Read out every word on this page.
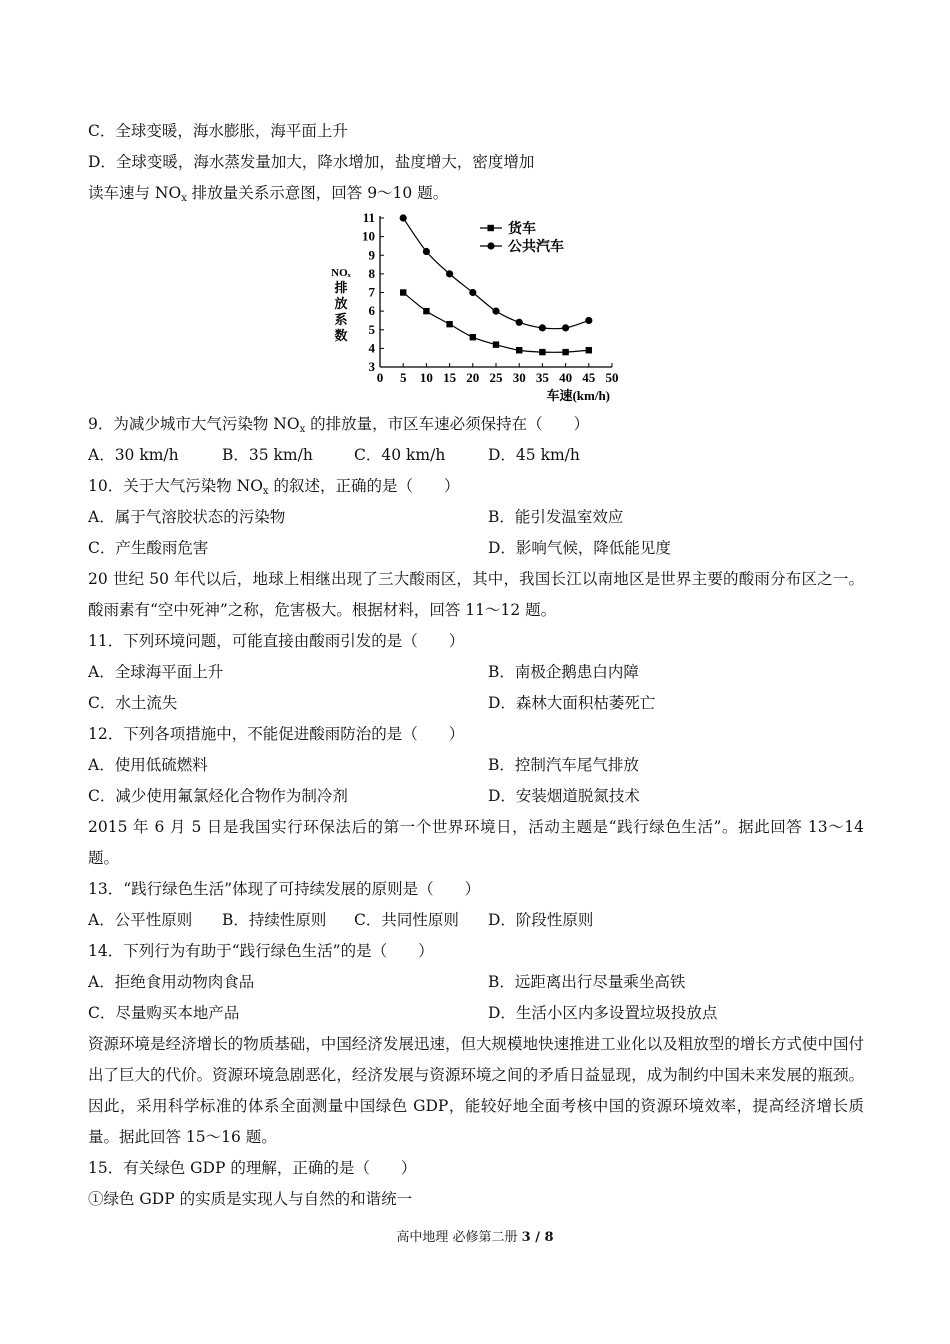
C．全球变暖，海水膨胀，海平面上升
D．全球变暖，海水蒸发量加大，降水增加，盐度增大，密度增加
读车速与 $NO_x$ 排放量关系示意图，回答 9～10 题。
3
4
5
6
7
8
9
10
11
0 5 10 15 20 25 30 35 40 45 50
NOₓ
排
放
系
数
车速(km/h)
货车
公共汽车
9．为减少城市大气污染物 $NO_x$ 的排放量，市区车速必须保持在（　　）
A．30 km/h	B．35 km/h	C．40 km/h	D．45 km/h
10．关于大气污染物 $NO_x$ 的叙述，正确的是（　　）
A．属于气溶胶状态的污染物	B．能引发温室效应
C．产生酸雨危害	D．影响气候，降低能见度
20 世纪 50 年代以后，地球上相继出现了三大酸雨区，其中，我国长江以南地区是世界主要的酸雨分布区之一。酸雨素有“空中死神”之称，危害极大。根据材料，回答 11～12 题。
11．下列环境问题，可能直接由酸雨引发的是（　　）
A．全球海平面上升	B．南极企鹅患白内障
C．水土流失	D．森林大面积枯萎死亡
12．下列各项措施中，不能促进酸雨防治的是（　　）
A．使用低硫燃料	B．控制汽车尾气排放
C．减少使用氟氯烃化合物作为制冷剂	D．安装烟道脱氮技术
2015 年 6 月 5 日是我国实行环保法后的第一个世界环境日，活动主题是“践行绿色生活”。据此回答 13～14 题。
13．“践行绿色生活”体现了可持续发展的原则是（　　）
A．公平性原则 B．持续性原则 C．共同性原则 D．阶段性原则
14．下列行为有助于“践行绿色生活”的是（　　）
A．拒绝食用动物肉食品	B．远距离出行尽量乘坐高铁
C．尽量购买本地产品	D．生活小区内多设置垃圾投放点
资源环境是经济增长的物质基础，中国经济发展迅速，但大规模地快速推进工业化以及粗放型的增长方式使中国付出了巨大的代价。资源环境急剧恶化，经济发展与资源环境之间的矛盾日益显现，成为制约中国未来发展的瓶颈。因此，采用科学标准的体系全面测量中国绿色 GDP，能较好地全面考核中国的资源环境效率，提高经济增长质量。据此回答 15～16 题。
15．有关绿色 GDP 的理解，正确的是（　　）
①绿色 GDP 的实质是实现人与自然的和谐统一
高中地理 必修第二册 3 / 8
